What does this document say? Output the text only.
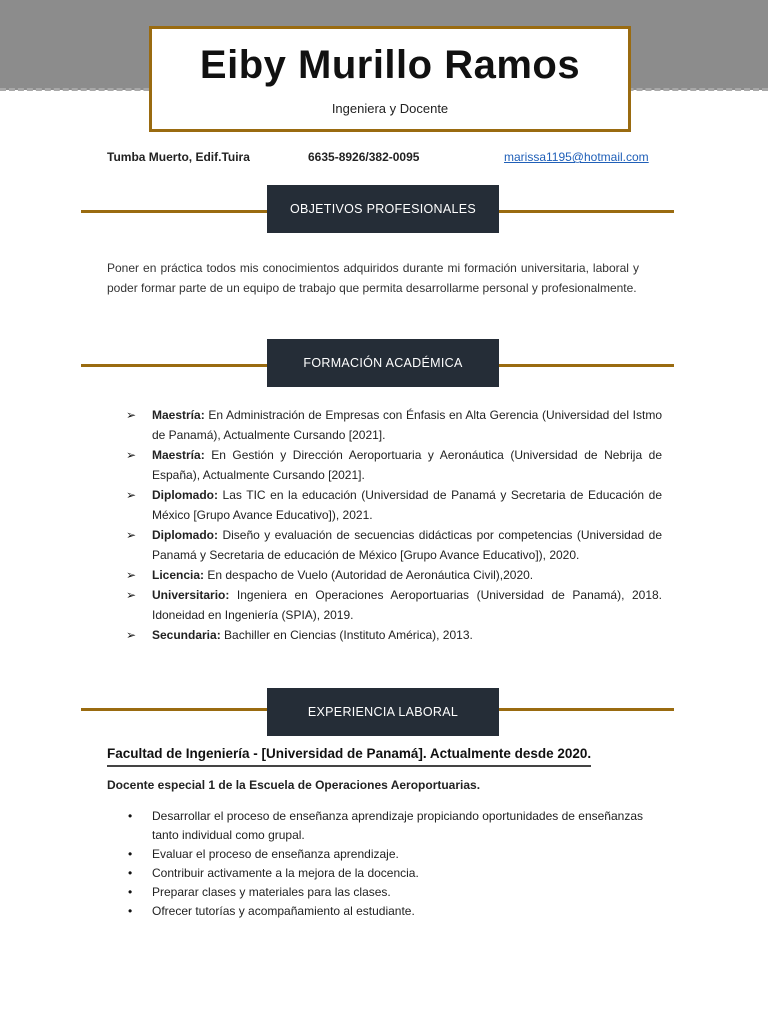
Eiby Murillo Ramos
Ingeniera y Docente
Tumba Muerto, Edif.Tuira	6635-8926/382-0095	marissa1195@hotmail.com
OBJETIVOS PROFESIONALES
Poner en práctica todos mis conocimientos adquiridos durante mi formación universitaria, laboral y poder formar parte de un equipo de trabajo que permita desarrollarme personal y profesionalmente.
FORMACIÓN ACADÉMICA
➢ Maestría: En Administración de Empresas con Énfasis en Alta Gerencia (Universidad del Istmo de Panamá), Actualmente Cursando [2021].
➢ Maestría: En Gestión y Dirección Aeroportuaria y Aeronáutica (Universidad de Nebrija de España), Actualmente Cursando [2021].
➢ Diplomado: Las TIC en la educación (Universidad de Panamá y Secretaria de Educación de México [Grupo Avance Educativo]), 2021.
➢ Diplomado: Diseño y evaluación de secuencias didácticas por competencias (Universidad de Panamá y Secretaria de educación de México [Grupo Avance Educativo]), 2020.
➢ Licencia: En despacho de Vuelo (Autoridad de Aeronáutica Civil),2020.
➢ Universitario: Ingeniera en Operaciones Aeroportuarias (Universidad de Panamá), 2018. Idoneidad en Ingeniería (SPIA), 2019.
➢ Secundaria: Bachiller en Ciencias (Instituto América), 2013.
EXPERIENCIA LABORAL
Facultad de Ingeniería - [Universidad de Panamá]. Actualmente desde 2020.
Docente especial 1 de la Escuela de Operaciones Aeroportuarias.
• Desarrollar el proceso de enseñanza aprendizaje propiciando oportunidades de enseñanzas tanto individual como grupal.
• Evaluar el proceso de enseñanza aprendizaje.
• Contribuir activamente a la mejora de la docencia.
• Preparar clases y materiales para las clases.
• Ofrecer tutorías y acompañamiento al estudiante.
